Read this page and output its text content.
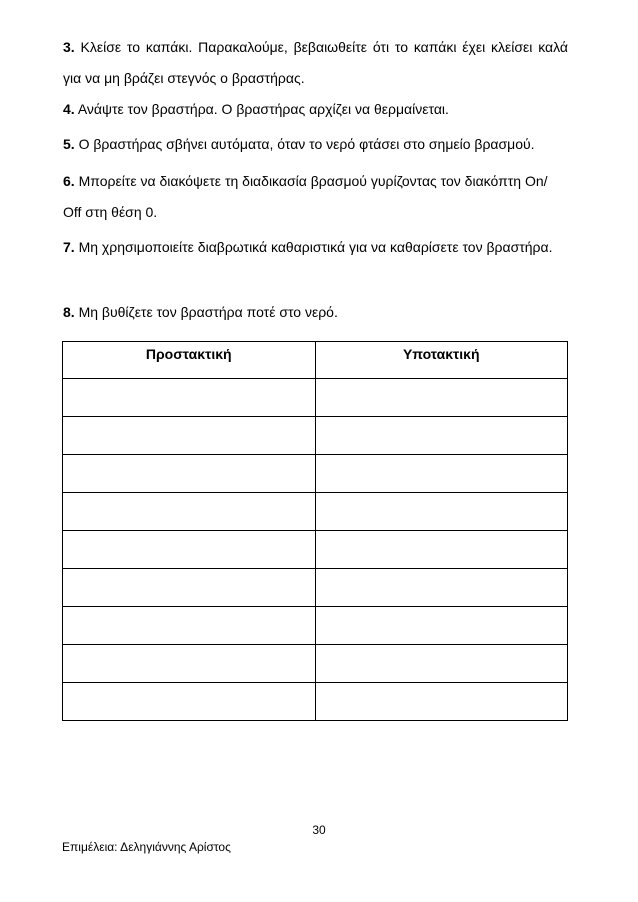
3. Κλείσε το καπάκι. Παρακαλούμε, βεβαιωθείτε ότι το καπάκι έχει κλείσει καλά για να μη βράζει στεγνός ο βραστήρας.

4. Ανάψτε τον βραστήρα. Ο βραστήρας αρχίζει να θερμαίνεται.

5. Ο βραστήρας σβήνει αυτόματα, όταν το νερό φτάσει στο σημείο βρασμού.

6. Μπορείτε να διακόψετε τη διαδικασία βρασμού γυρίζοντας τον διακόπτη On/ Off στη θέση 0.

7. Μη χρησιμοποιείτε διαβρωτικά καθαριστικά για να καθαρίσετε τον βραστήρα.

8. Μη βυθίζετε τον βραστήρα ποτέ στο νερό.

Προστακτική	Υποτακτική

30
Επιμέλεια: Δεληγιάννης Αρίστος
